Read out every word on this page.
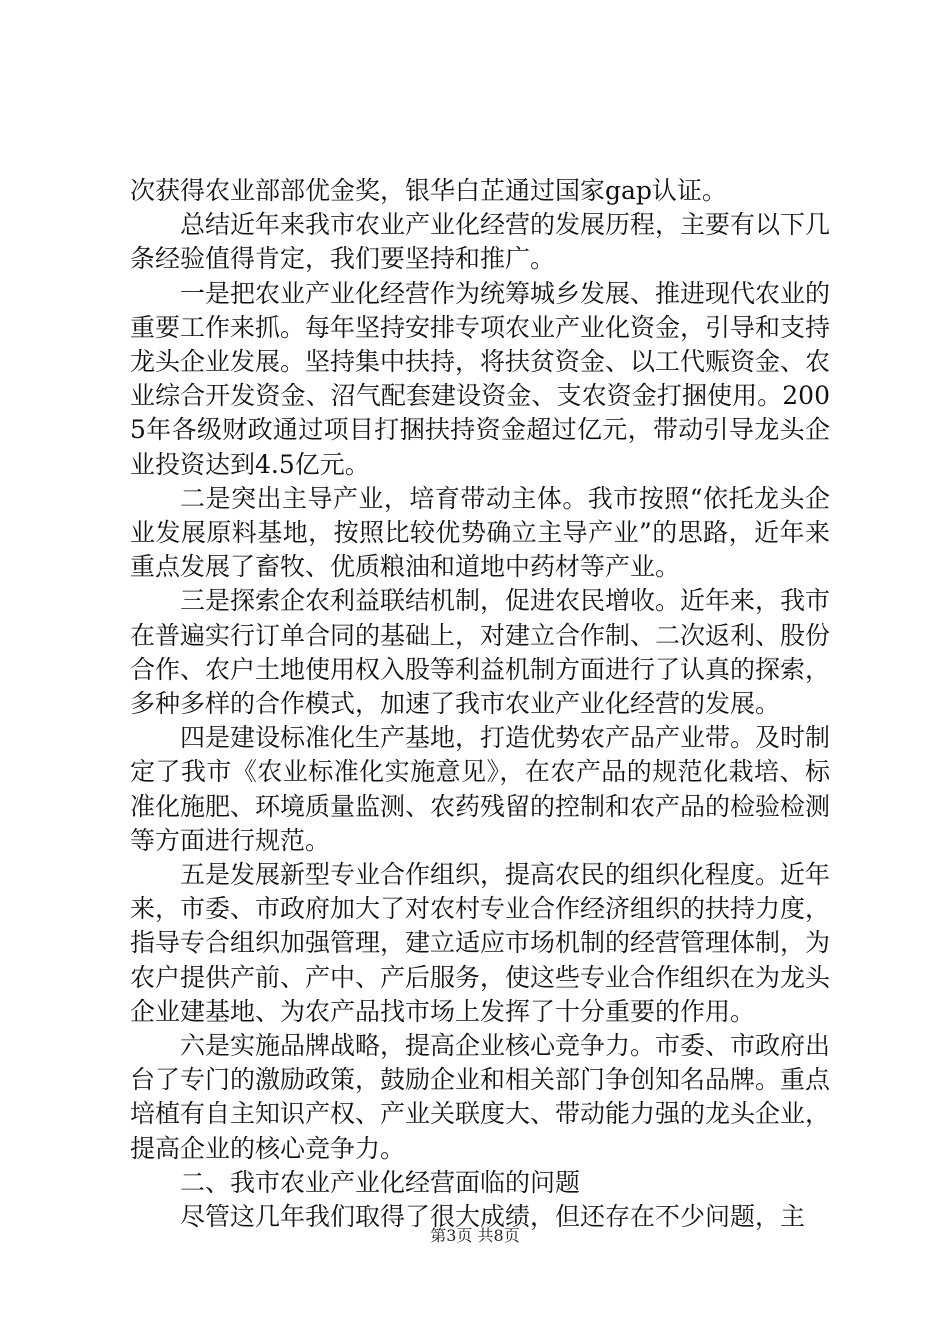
次获得农业部部优金奖，银华白芷通过国家gap认证。

总结近年来我市农业产业化经营的发展历程，主要有以下几条经验值得肯定，我们要坚持和推广。

一是把农业产业化经营作为统筹城乡发展、推进现代农业的重要工作来抓。每年坚持安排专项农业产业化资金，引导和支持龙头企业发展。坚持集中扶持，将扶贫资金、以工代赈资金、农业综合开发资金、沼气配套建设资金、支农资金打捆使用。2005年各级财政通过项目打捆扶持资金超过亿元，带动引导龙头企业投资达到4.5亿元。

二是突出主导产业，培育带动主体。我市按照“依托龙头企业发展原料基地，按照比较优势确立主导产业”的思路，近年来重点发展了畜牧、优质粮油和道地中药材等产业。

三是探索企农利益联结机制，促进农民增收。近年来，我市在普遍实行订单合同的基础上，对建立合作制、二次返利、股份合作、农户土地使用权入股等利益机制方面进行了认真的探索，多种多样的合作模式，加速了我市农业产业化经营的发展。

四是建设标准化生产基地，打造优势农产品产业带。及时制定了我市《农业标准化实施意见》，在农产品的规范化栽培、标准化施肥、环境质量监测、农药残留的控制和农产品的检验检测等方面进行规范。

五是发展新型专业合作组织，提高农民的组织化程度。近年来，市委、市政府加大了对农村专业合作经济组织的扶持力度，指导专合组织加强管理，建立适应市场机制的经营管理体制，为农户提供产前、产中、产后服务，使这些专业合作组织在为龙头企业建基地、为农产品找市场上发挥了十分重要的作用。

六是实施品牌战略，提高企业核心竞争力。市委、市政府出台了专门的激励政策，鼓励企业和相关部门争创知名品牌。重点培植有自主知识产权、产业关联度大、带动能力强的龙头企业，提高企业的核心竞争力。

二、我市农业产业化经营面临的问题

尽管这几年我们取得了很大成绩，但还存在不少问题，主

第3页 共8页
